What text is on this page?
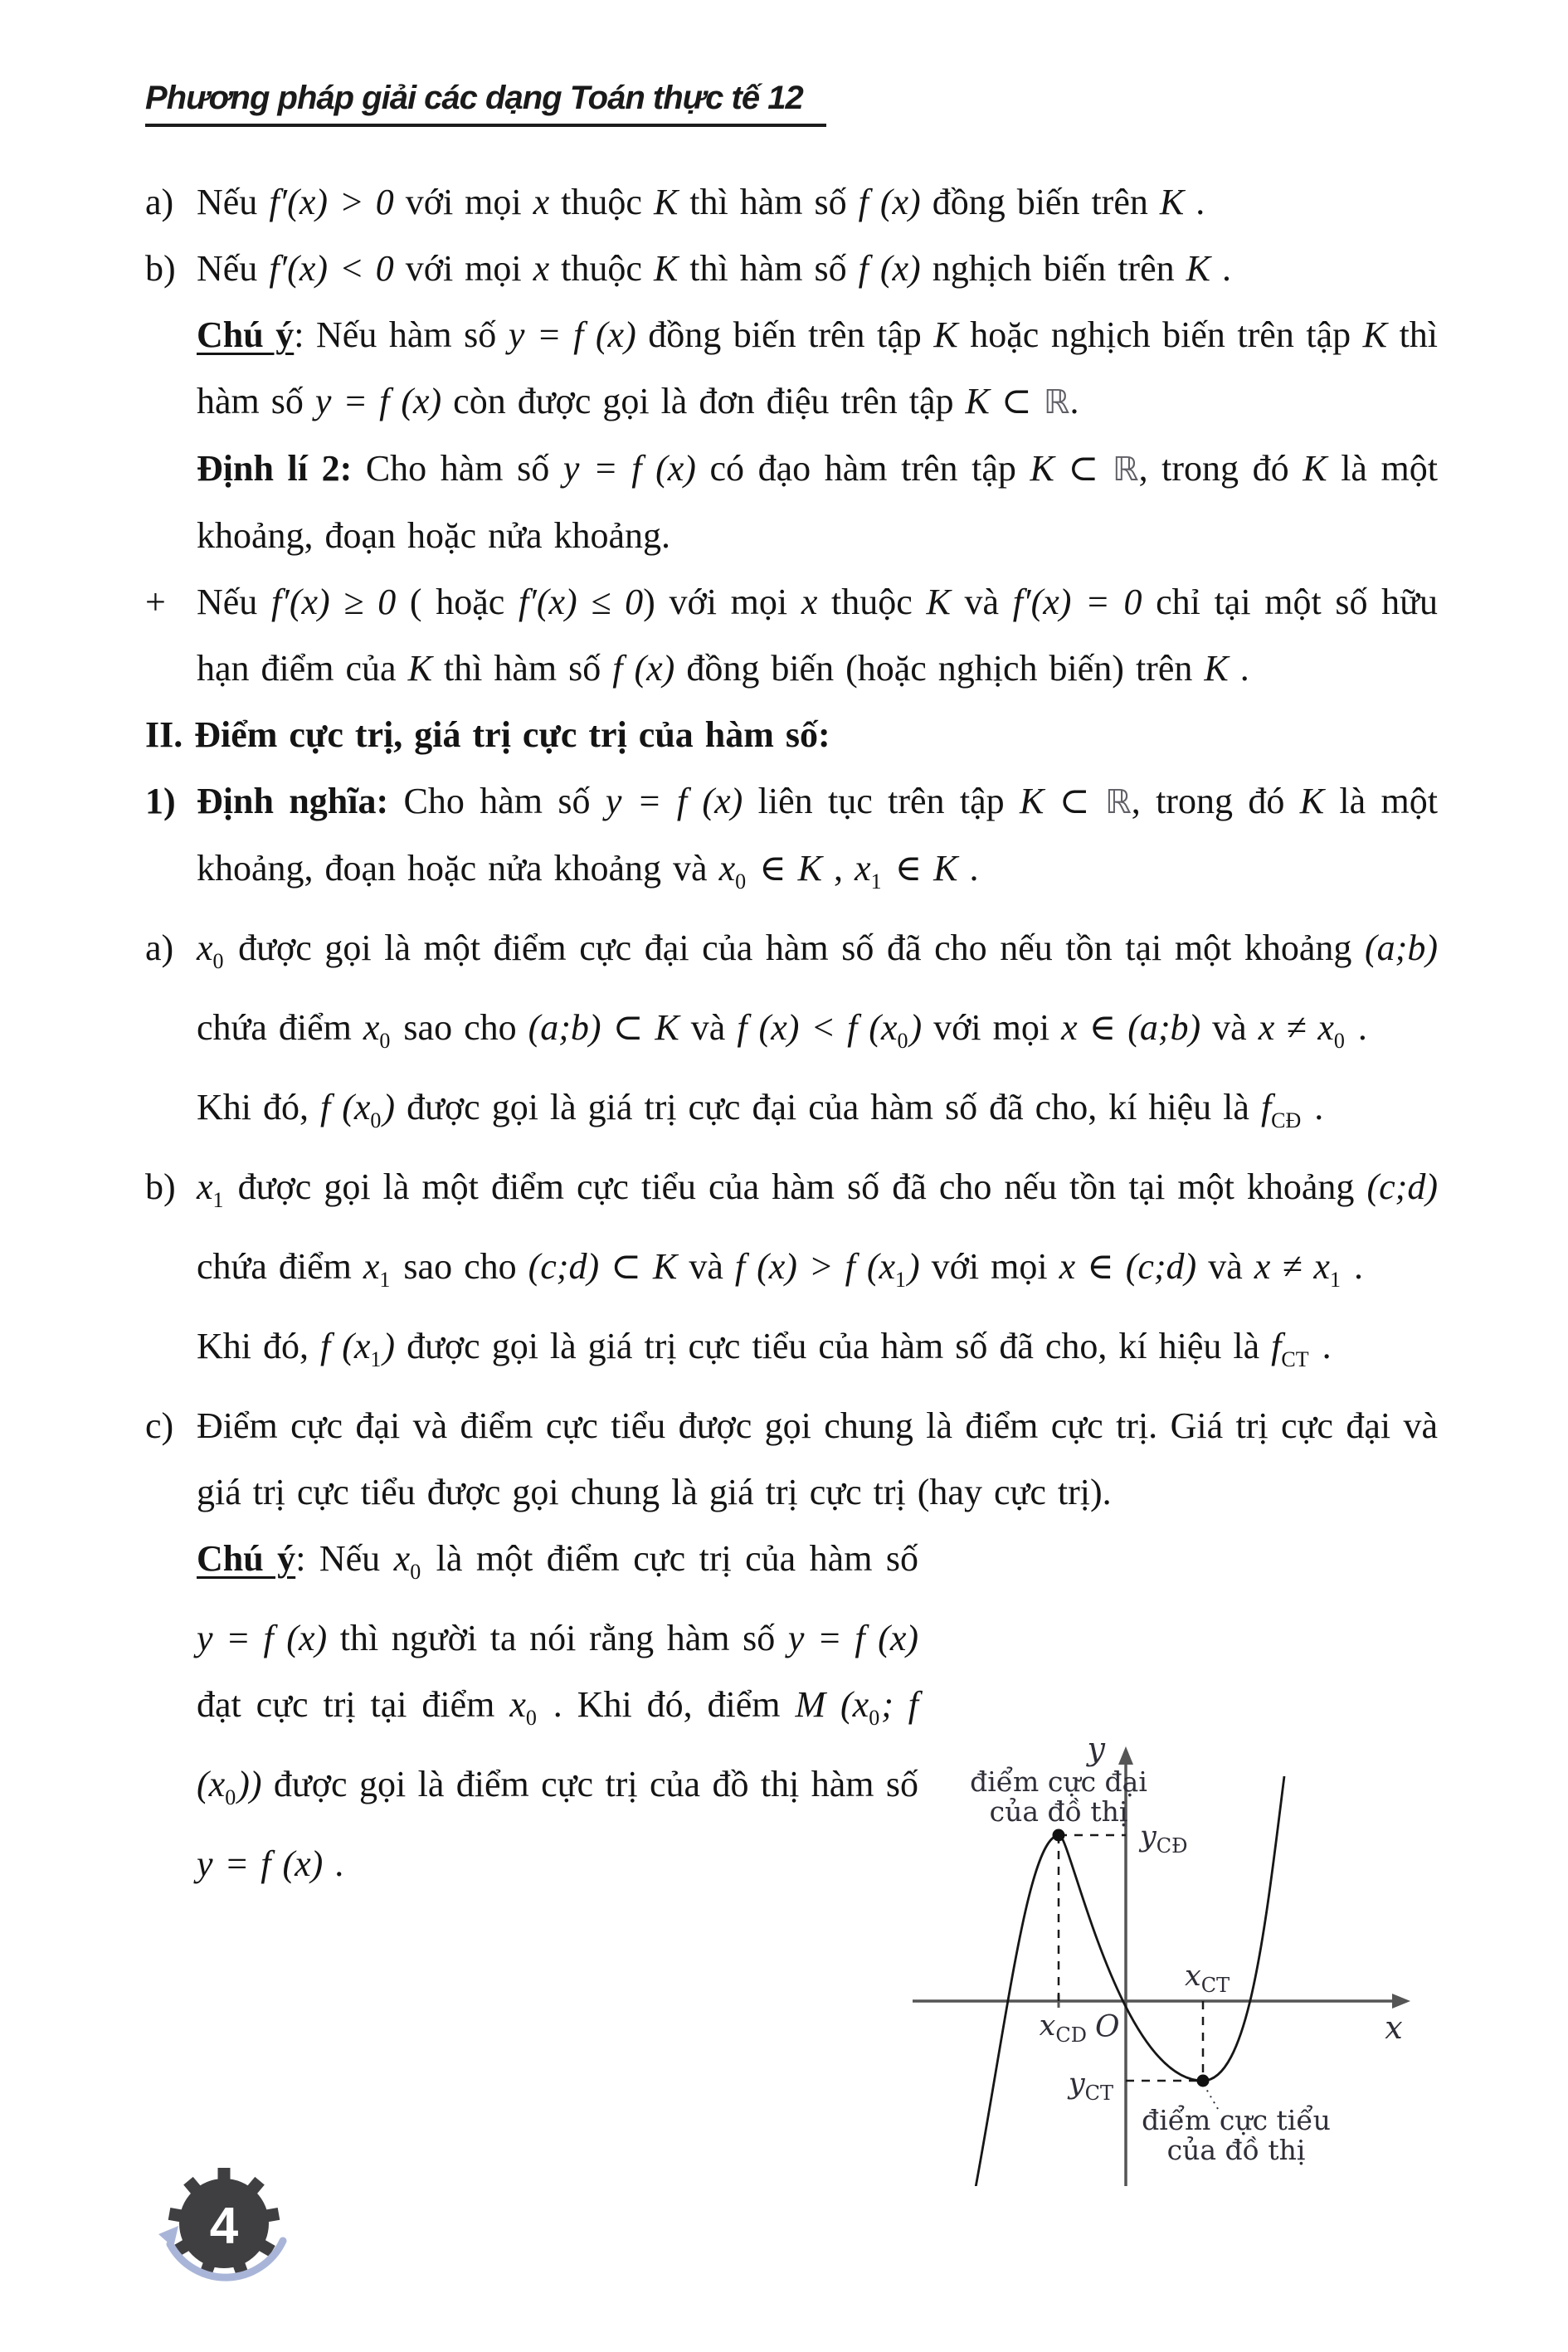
Phương pháp giải các dạng Toán thực tế 12
a) Nếu f′(x) > 0 với mọi x thuộc K thì hàm số f (x) đồng biến trên K .
b) Nếu f′(x) < 0 với mọi x thuộc K thì hàm số f (x) nghịch biến trên K .
Chú ý: Nếu hàm số y = f (x) đồng biến trên tập K hoặc nghịch biến trên tập K thì hàm số y = f (x) còn được gọi là đơn điệu trên tập K ⊂ ℝ.
Định lí 2: Cho hàm số y = f (x) có đạo hàm trên tập K ⊂ ℝ, trong đó K là một khoảng, đoạn hoặc nửa khoảng.
+ Nếu f′(x) ≥ 0 ( hoặc f′(x) ≤ 0) với mọi x thuộc K và f′(x) = 0 chỉ tại một số hữu hạn điểm của K thì hàm số f (x) đồng biến (hoặc nghịch biến) trên K .
II. Điểm cực trị, giá trị cực trị của hàm số:
1) Định nghĩa: Cho hàm số y = f (x) liên tục trên tập K ⊂ ℝ, trong đó K là một khoảng, đoạn hoặc nửa khoảng và $x_0$ ∈ K , $x_1$ ∈ K .
a) $x_0$ được gọi là một điểm cực đại của hàm số đã cho nếu tồn tại một khoảng (a;b) chứa điểm $x_0$ sao cho (a;b) ⊂ K và f (x) < f $(x_0)$ với mọi x ∈ (a;b) và $x \ne x_0$ .
Khi đó, f $(x_0)$ được gọi là giá trị cực đại của hàm số đã cho, kí hiệu là $f_{CĐ}$ .
b) $x_1$ được gọi là một điểm cực tiểu của hàm số đã cho nếu tồn tại một khoảng (c;d) chứa điểm $x_1$ sao cho (c;d) ⊂ K và f (x) > f $(x_1)$ với mọi x ∈ (c;d) và $x \ne x_1$ .
Khi đó, f $(x_1)$ được gọi là giá trị cực tiểu của hàm số đã cho, kí hiệu là $f_{CT}$ .
c) Điểm cực đại và điểm cực tiểu được gọi chung là điểm cực trị. Giá trị cực đại và giá trị cực tiểu được gọi chung là giá trị cực trị (hay cực trị).
Chú ý: Nếu $x_0$ là một điểm cực trị của hàm số y = f (x) thì người ta nói rằng hàm số y = f (x) đạt cực trị tại điểm $x_0$ . Khi đó, điểm M ($x_0$; f $(x_0)$) được gọi là điểm cực trị của đồ thị hàm số y = f (x) .
y
x
O
điểm cực đại
của đồ thị
điểm cực tiểu
của đồ thị
$y_{CĐ}$
$x_{CD}$
$x_{CT}$
$y_{CT}$
4
